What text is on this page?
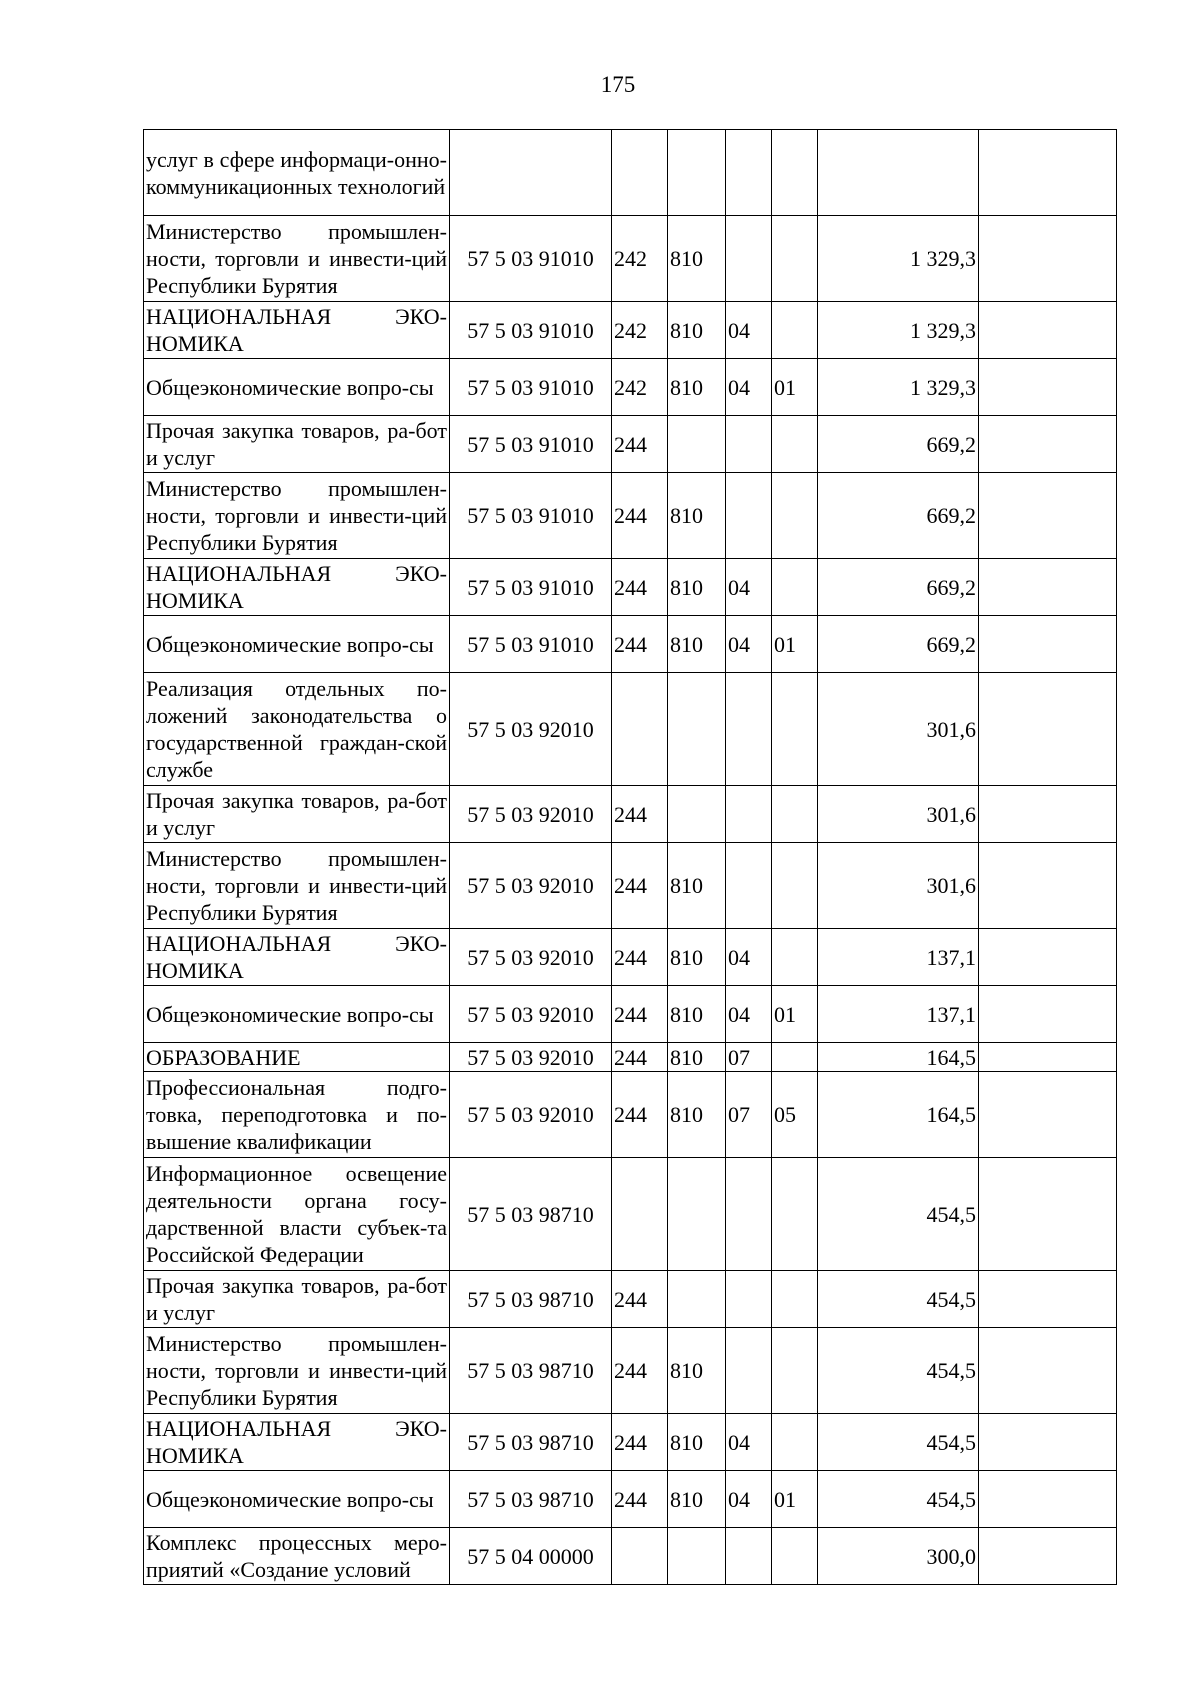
175
услуг в сфере информаци-онно-коммуникационных технологий							
Министерство промышлен-ности, торговли и инвести-ций Республики Бурятия	57 5 03 91010	242	810			1 329,3	
НАЦИОНАЛЬНАЯ ЭКО-НОМИКА	57 5 03 91010	242	810	04		1 329,3	
Общеэкономические вопро-сы	57 5 03 91010	242	810	04	01	1 329,3	
Прочая закупка товаров, ра-бот и услуг	57 5 03 91010	244				669,2	
Министерство промышлен-ности, торговли и инвести-ций Республики Бурятия	57 5 03 91010	244	810			669,2	
НАЦИОНАЛЬНАЯ ЭКО-НОМИКА	57 5 03 91010	244	810	04		669,2	
Общеэкономические вопро-сы	57 5 03 91010	244	810	04	01	669,2	
Реализация отдельных по-ложений законодательства о государственной граждан-ской службе	57 5 03 92010					301,6	
Прочая закупка товаров, ра-бот и услуг	57 5 03 92010	244				301,6	
Министерство промышлен-ности, торговли и инвести-ций Республики Бурятия	57 5 03 92010	244	810			301,6	
НАЦИОНАЛЬНАЯ ЭКО-НОМИКА	57 5 03 92010	244	810	04		137,1	
Общеэкономические вопро-сы	57 5 03 92010	244	810	04	01	137,1	
ОБРАЗОВАНИЕ	57 5 03 92010	244	810	07		164,5	
Профессиональная подго-товка, переподготовка и по-вышение квалификации	57 5 03 92010	244	810	07	05	164,5	
Информационное освещение деятельности органа госу-дарственной власти субъек-та Российской Федерации	57 5 03 98710					454,5	
Прочая закупка товаров, ра-бот и услуг	57 5 03 98710	244				454,5	
Министерство промышлен-ности, торговли и инвести-ций Республики Бурятия	57 5 03 98710	244	810			454,5	
НАЦИОНАЛЬНАЯ ЭКО-НОМИКА	57 5 03 98710	244	810	04		454,5	
Общеэкономические вопро-сы	57 5 03 98710	244	810	04	01	454,5	
Комплекс процессных меро-приятий «Создание условий	57 5 04 00000					300,0	
